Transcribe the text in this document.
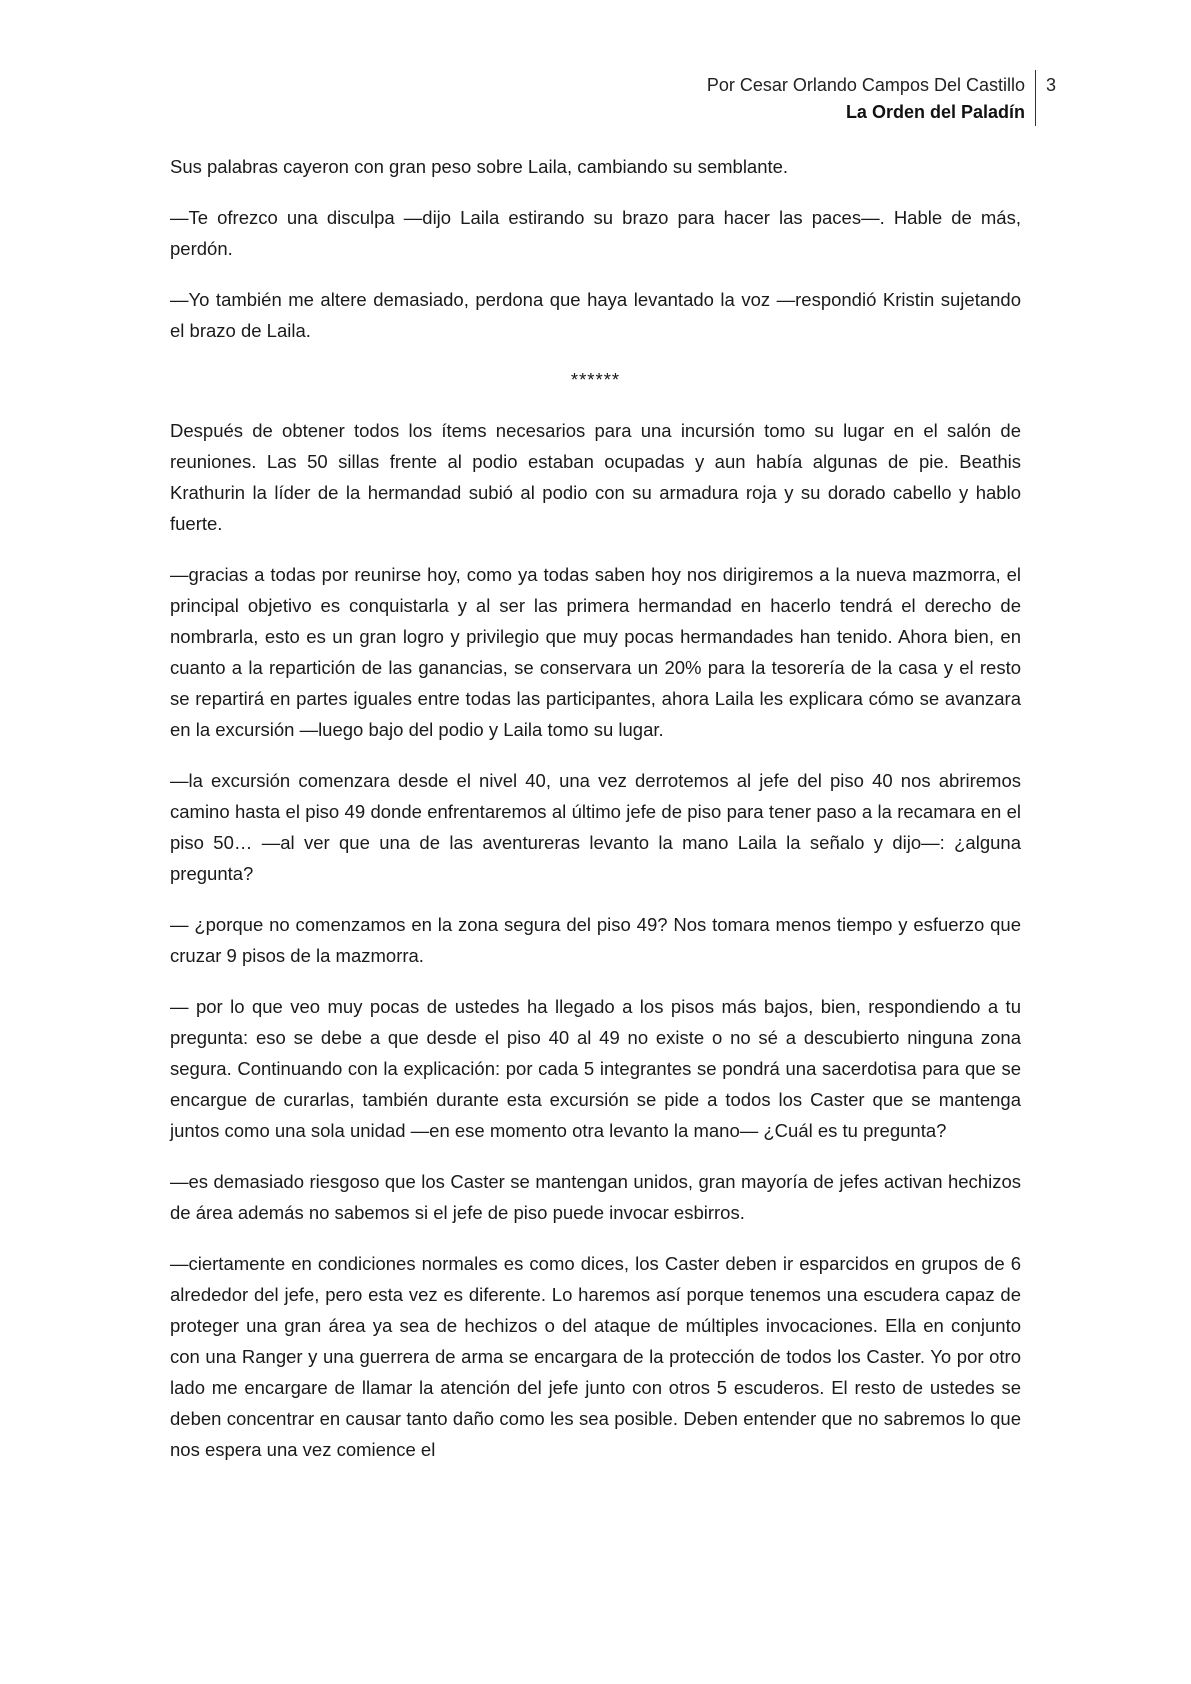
Por Cesar Orlando Campos Del Castillo
La Orden del Paladín
3

Sus palabras cayeron con gran peso sobre Laila, cambiando su semblante.

—Te ofrezco una disculpa —dijo Laila estirando su brazo para hacer las paces—. Hable de más, perdón.

—Yo también me altere demasiado, perdona que haya levantado la voz —respondió Kristin sujetando el brazo de Laila.

******

Después de obtener todos los ítems necesarios para una incursión tomo su lugar en el salón de reuniones. Las 50 sillas frente al podio estaban ocupadas y aun había algunas de pie. Beathis Krathurin la líder de la hermandad subió al podio con su armadura roja y su dorado cabello y hablo fuerte.

—gracias a todas por reunirse hoy, como ya todas saben hoy nos dirigiremos a la nueva mazmorra, el principal objetivo es conquistarla y al ser las primera hermandad en hacerlo tendrá el derecho de nombrarla, esto es un gran logro y privilegio que muy pocas hermandades han tenido. Ahora bien, en cuanto a la repartición de las ganancias, se conservara un 20% para la tesorería de la casa y el resto se repartirá en partes iguales entre todas las participantes, ahora Laila les explicara cómo se avanzara en la excursión —luego bajo del podio y Laila tomo su lugar.

—la excursión comenzara desde el nivel 40, una vez derrotemos al jefe del piso 40 nos abriremos camino hasta el piso 49 donde enfrentaremos al último jefe de piso para tener paso a la recamara en el piso 50… —al ver que una de las aventureras levanto la mano Laila la señalo y dijo—: ¿alguna pregunta?

— ¿porque no comenzamos en la zona segura del piso 49? Nos tomara menos tiempo y esfuerzo que cruzar 9 pisos de la mazmorra.

— por lo que veo muy pocas de ustedes ha llegado a los pisos más bajos, bien, respondiendo a tu pregunta: eso se debe a que desde el piso 40 al 49 no existe o no sé a descubierto ninguna zona segura. Continuando con la explicación: por cada 5 integrantes se pondrá una sacerdotisa para que se encargue de curarlas, también durante esta excursión se pide a todos los Caster que se mantenga juntos como una sola unidad —en ese momento otra levanto la mano— ¿Cuál es tu pregunta?

—es demasiado riesgoso que los Caster se mantengan unidos, gran mayoría de jefes activan hechizos de área además no sabemos si el jefe de piso puede invocar esbirros.

—ciertamente en condiciones normales es como dices, los Caster deben ir esparcidos en grupos de 6 alrededor del jefe, pero esta vez es diferente. Lo haremos así porque tenemos una escudera capaz de proteger una gran área ya sea de hechizos o del ataque de múltiples invocaciones. Ella en conjunto con una Ranger y una guerrera de arma se encargara de la protección de todos los Caster. Yo por otro lado me encargare de llamar la atención del jefe junto con otros 5 escuderos. El resto de ustedes se deben concentrar en causar tanto daño como les sea posible. Deben entender que no sabremos lo que nos espera una vez comience el
